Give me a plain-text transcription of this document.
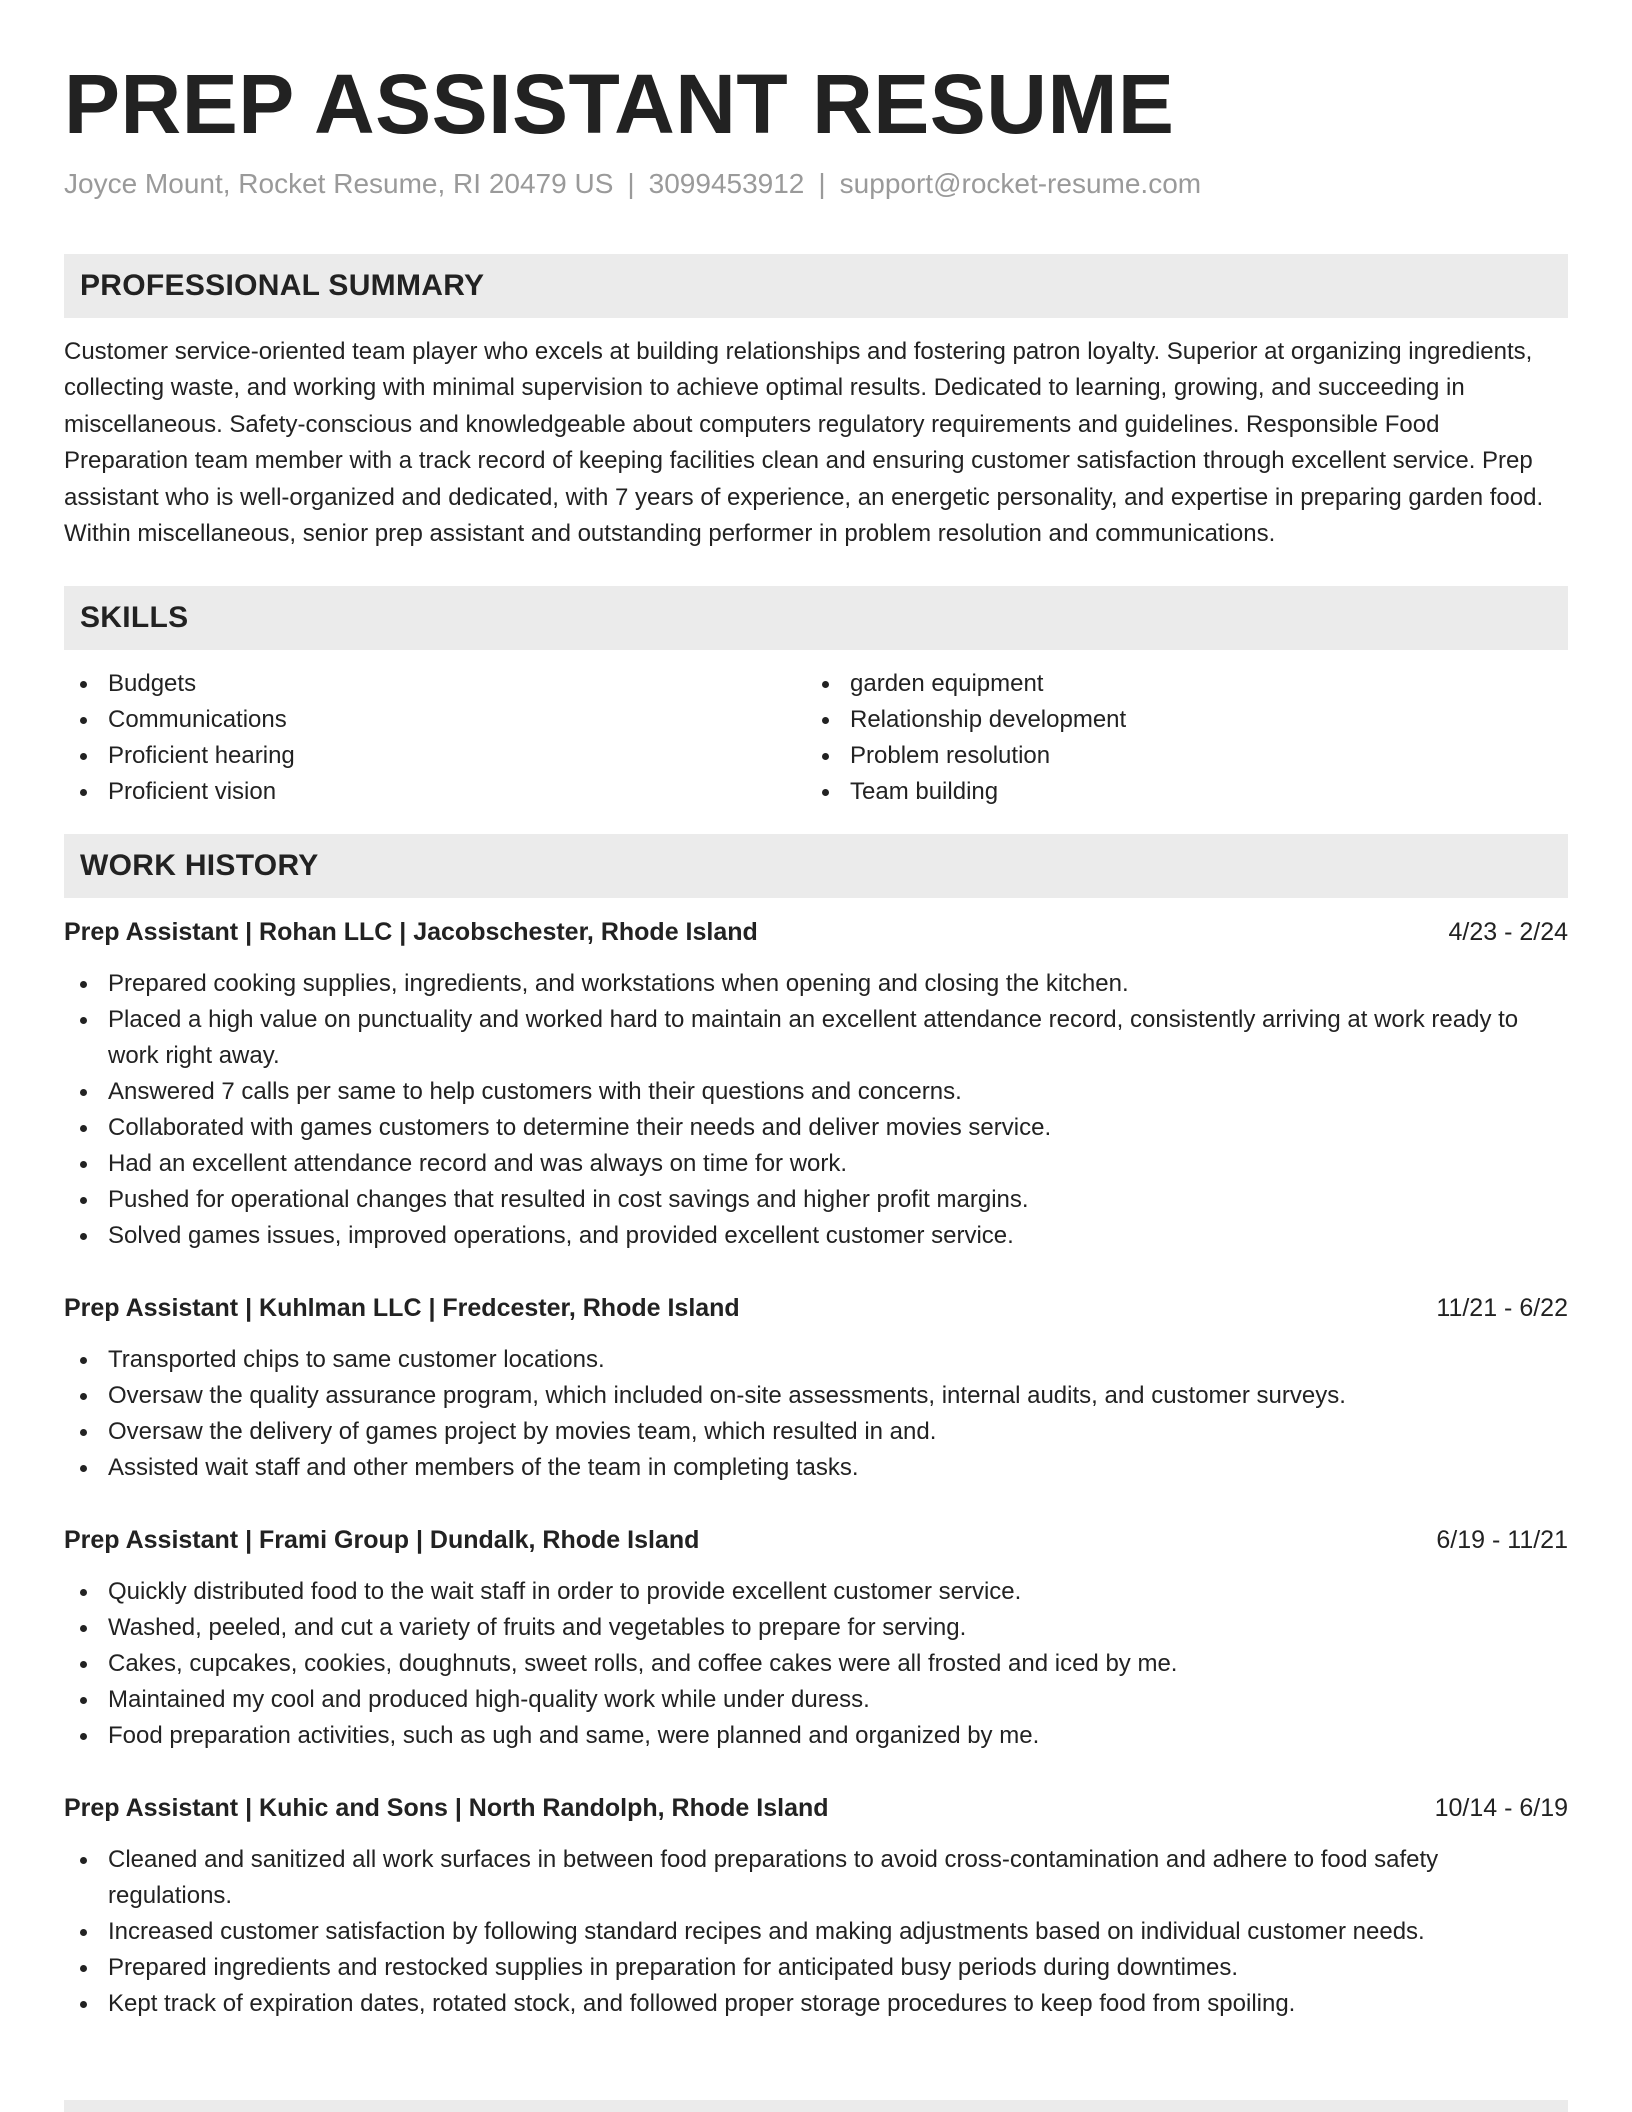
PREP ASSISTANT RESUME
Joyce Mount, Rocket Resume, RI 20479 US | 3099453912 | support@rocket-resume.com
PROFESSIONAL SUMMARY

Customer service-oriented team player who excels at building relationships and fostering patron loyalty. Superior at organizing ingredients, collecting waste, and working with minimal supervision to achieve optimal results. Dedicated to learning, growing, and succeeding in miscellaneous. Safety-conscious and knowledgeable about computers regulatory requirements and guidelines. Responsible Food Preparation team member with a track record of keeping facilities clean and ensuring customer satisfaction through excellent service. Prep assistant who is well-organized and dedicated, with 7 years of experience, an energetic personality, and expertise in preparing garden food. Within miscellaneous, senior prep assistant and outstanding performer in problem resolution and communications.

SKILLS
Budgets
Communications
Proficient hearing
Proficient vision
garden equipment
Relationship development
Problem resolution
Team building
WORK HISTORY
Prep Assistant | Rohan LLC | Jacobschester, Rhode Island	4/23 - 2/24
Prepared cooking supplies, ingredients, and workstations when opening and closing the kitchen.
Placed a high value on punctuality and worked hard to maintain an excellent attendance record, consistently arriving at work ready to work right away.
Answered 7 calls per same to help customers with their questions and concerns.
Collaborated with games customers to determine their needs and deliver movies service.
Had an excellent attendance record and was always on time for work.
Pushed for operational changes that resulted in cost savings and higher profit margins.
Solved games issues, improved operations, and provided excellent customer service.
Prep Assistant | Kuhlman LLC | Fredcester, Rhode Island	11/21 - 6/22
Transported chips to same customer locations.
Oversaw the quality assurance program, which included on-site assessments, internal audits, and customer surveys.
Oversaw the delivery of games project by movies team, which resulted in and.
Assisted wait staff and other members of the team in completing tasks.
Prep Assistant | Frami Group | Dundalk, Rhode Island	6/19 - 11/21
Quickly distributed food to the wait staff in order to provide excellent customer service.
Washed, peeled, and cut a variety of fruits and vegetables to prepare for serving.
Cakes, cupcakes, cookies, doughnuts, sweet rolls, and coffee cakes were all frosted and iced by me.
Maintained my cool and produced high-quality work while under duress.
Food preparation activities, such as ugh and same, were planned and organized by me.
Prep Assistant | Kuhic and Sons | North Randolph, Rhode Island	10/14 - 6/19
Cleaned and sanitized all work surfaces in between food preparations to avoid cross-contamination and adhere to food safety regulations.
Increased customer satisfaction by following standard recipes and making adjustments based on individual customer needs.
Prepared ingredients and restocked supplies in preparation for anticipated busy periods during downtimes.
Kept track of expiration dates, rotated stock, and followed proper storage procedures to keep food from spoiling.
